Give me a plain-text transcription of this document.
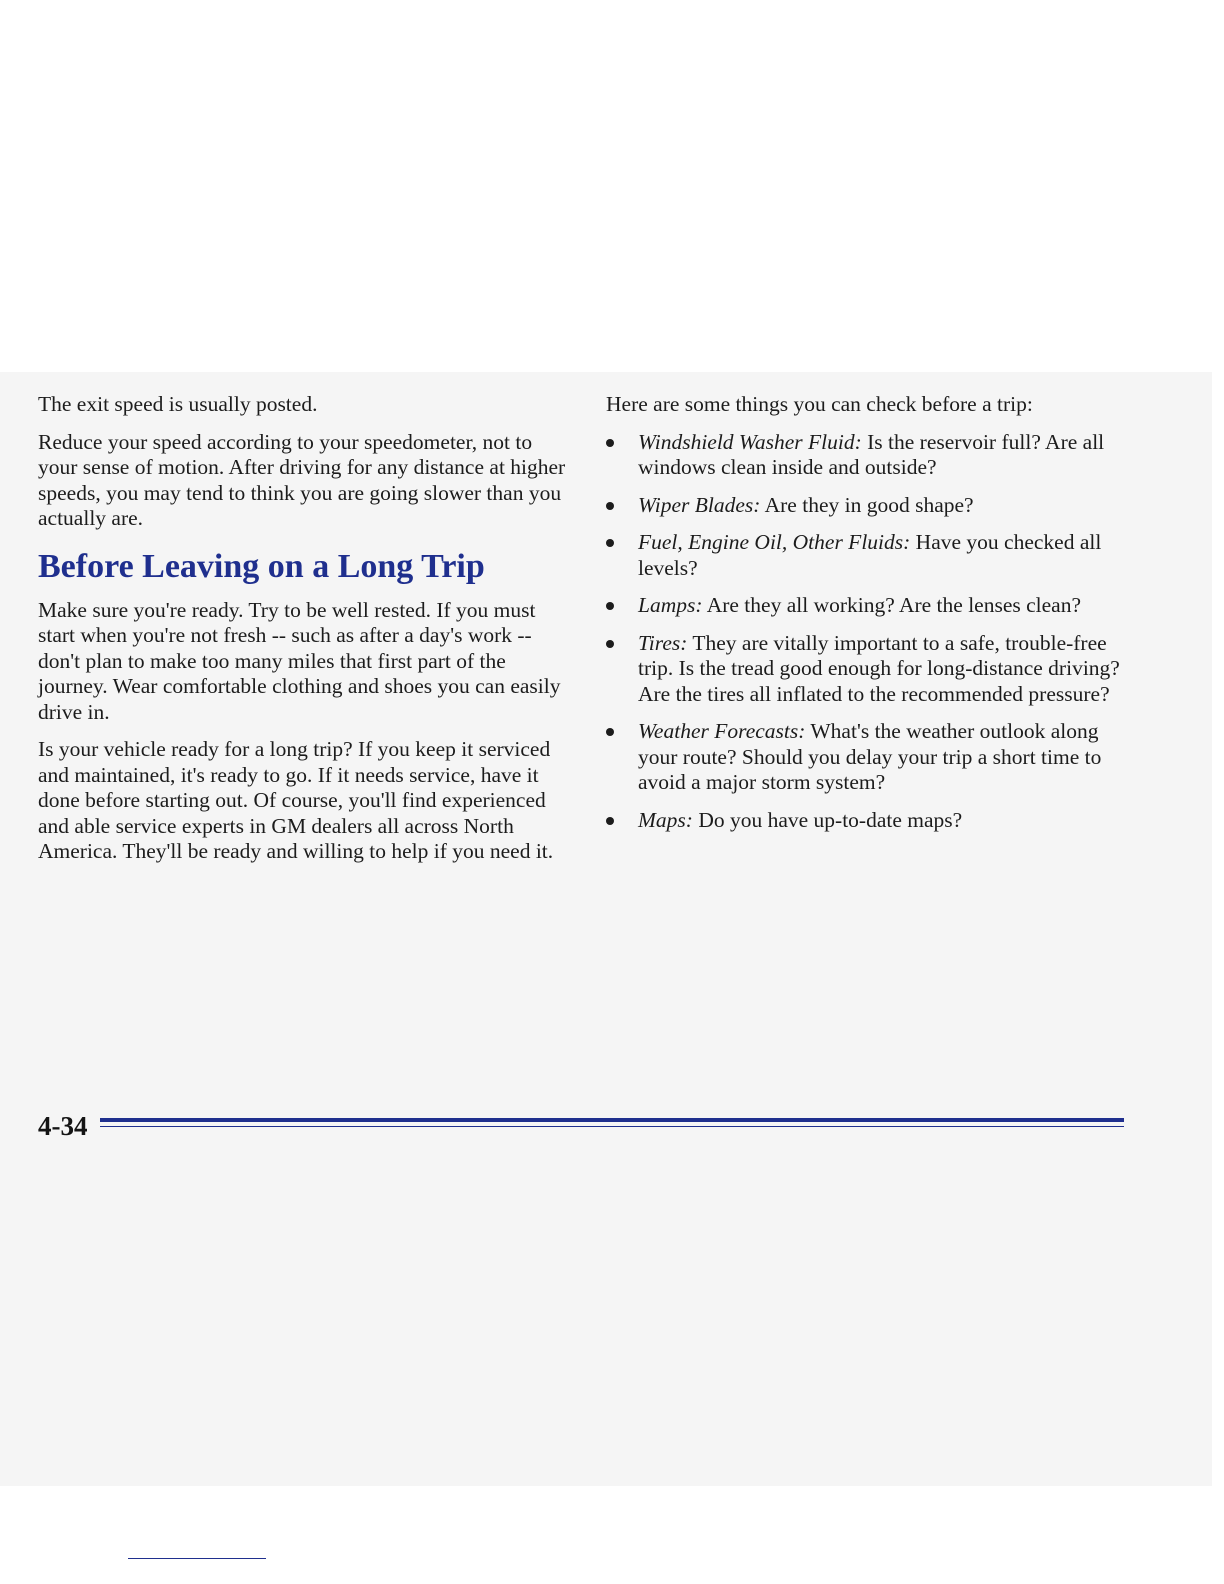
The exit speed is usually posted.

Reduce your speed according to your speedometer, not to your sense of motion. After driving for any distance at higher speeds, you may tend to think you are going slower than you actually are.

Before Leaving on a Long Trip

Make sure you're ready. Try to be well rested. If you must start when you're not fresh -- such as after a day's work -- don't plan to make too many miles that first part of the journey. Wear comfortable clothing and shoes you can easily drive in.

Is your vehicle ready for a long trip? If you keep it serviced and maintained, it's ready to go. If it needs service, have it done before starting out. Of course, you'll find experienced and able service experts in GM dealers all across North America. They'll be ready and willing to help if you need it.

Here are some things you can check before a trip:

Windshield Washer Fluid: Is the reservoir full? Are all windows clean inside and outside?
Wiper Blades: Are they in good shape?
Fuel, Engine Oil, Other Fluids: Have you checked all levels?
Lamps: Are they all working? Are the lenses clean?
Tires: They are vitally important to a safe, trouble-free trip. Is the tread good enough for long-distance driving? Are the tires all inflated to the recommended pressure?
Weather Forecasts: What's the weather outlook along your route? Should you delay your trip a short time to avoid a major storm system?
Maps: Do you have up-to-date maps?
4-34
